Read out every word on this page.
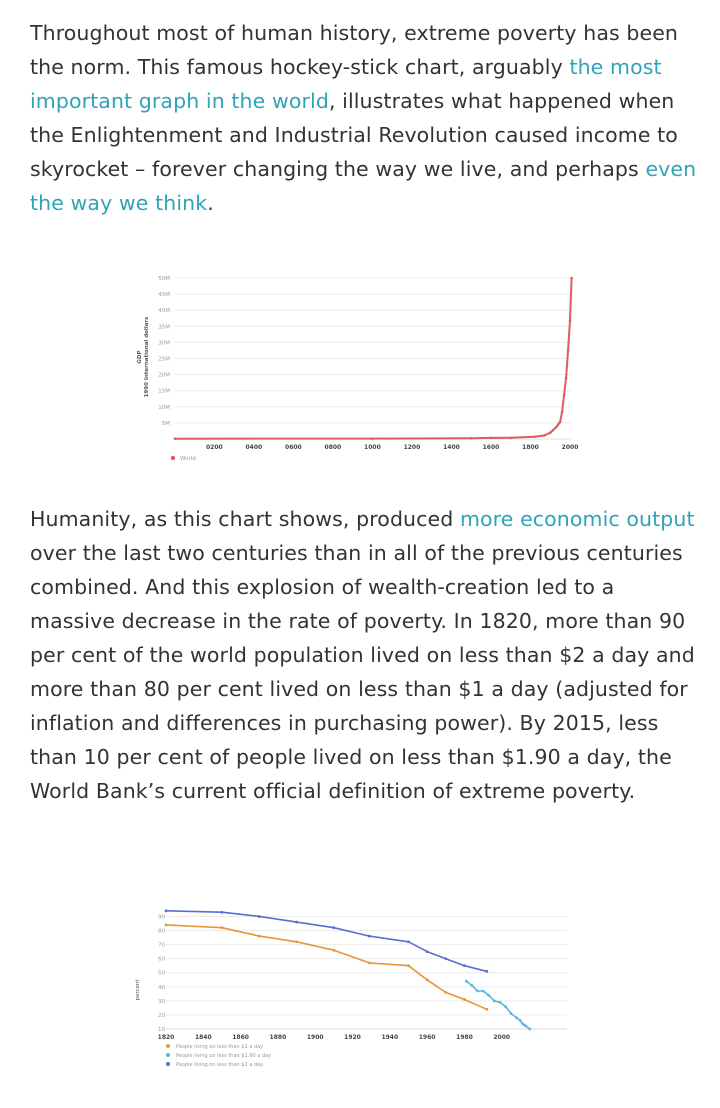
Throughout most of human history, extreme poverty has been the norm. This famous hockey-stick chart, arguably the most important graph in the world, illustrates what happened when the Enlightenment and Industrial Revolution caused income to skyrocket – forever changing the way we live, and perhaps even the way we think.

5M
10M
15M
20M
25M
30M
35M
40M
45M
50M
0200	0400	0600	0800	1000	1200	1400	1600	1800	2000
GDP 1990 International dollars
World

Humanity, as this chart shows, produced more economic output over the last two centuries than in all of the previous centuries combined. And this explosion of wealth-creation led to a massive decrease in the rate of poverty. In 1820, more than 90 per cent of the world population lived on less than $2 a day and more than 80 per cent lived on less than $1 a day (adjusted for inflation and differences in purchasing power). By 2015, less than 10 per cent of people lived on less than $1.90 a day, the World Bank’s current official definition of extreme poverty.

10
20
30
40
50
60
70
80
90
1820	1840	1860	1880	1900	1920	1940	1960	1980	2000
percent
People living on less than $1 a day
People living on less than $1.90 a day
People living on less than $2 a day
